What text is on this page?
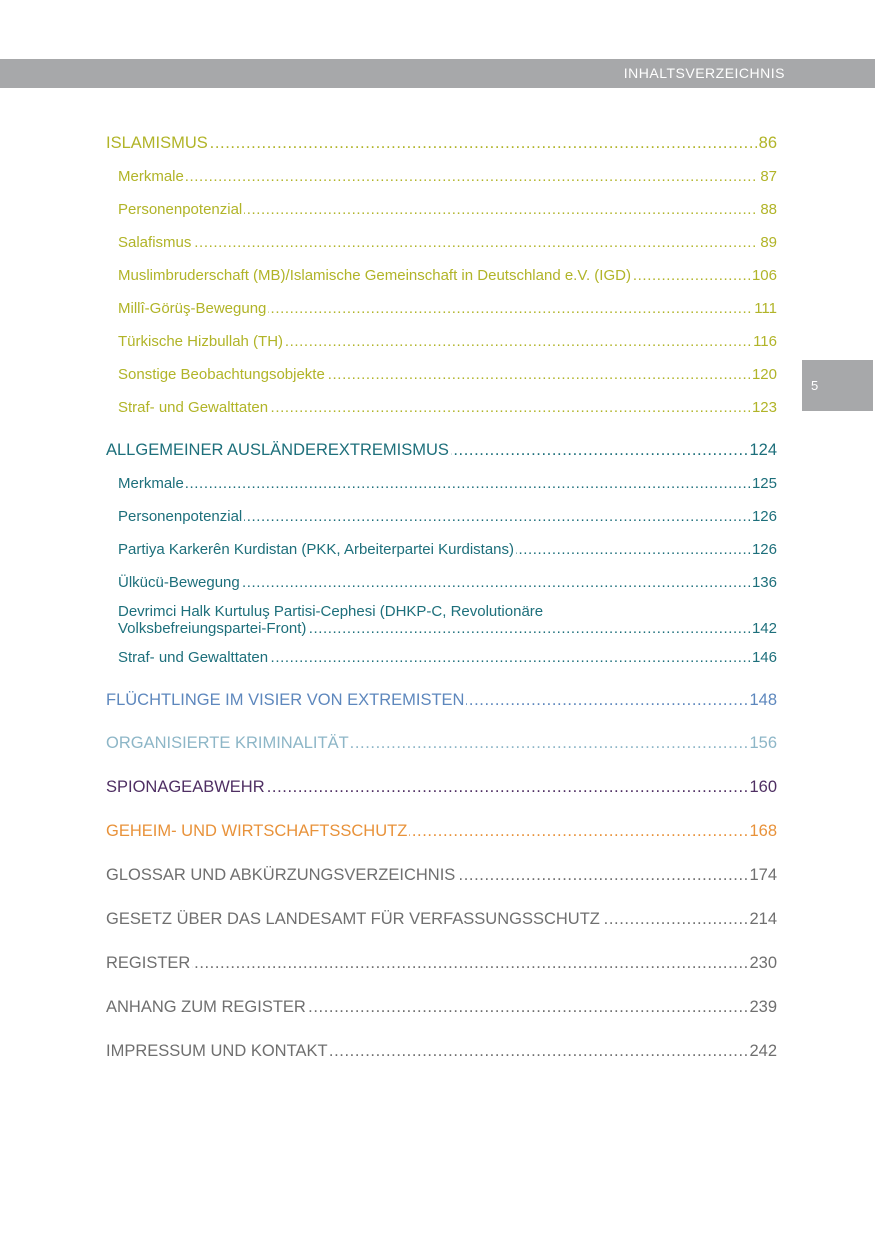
INHALTSVERZEICHNIS
5
ISLAMISMUS	86
.....
Merkmale	87
.....
Personenpotenzial	88
.....
Salafismus	89
.....
Muslimbruderschaft (MB)/Islamische Gemeinschaft in Deutschland e.V. (IGD)	106
.....
Millî-Görüş-Bewegung	111
.....
Türkische Hizbullah (TH)	116
.....
Sonstige Beobachtungsobjekte	120
.....
Straf- und Gewalttaten	123
.....
ALLGEMEINER AUSLÄNDEREXTREMISMUS	124
.....
Merkmale	125
.....
Personenpotenzial	126
.....
Partiya Karkerên Kurdistan (PKK, Arbeiterpartei Kurdistans)	126
.....
Ülkücü-Bewegung	136
.....
Devrimci Halk Kurtuluş Partisi-Cephesi (DHKP-C, Revolutionäre
Volksbefreiungspartei-Front)	142
.....
Straf- und Gewalttaten	146
.....
FLÜCHTLINGE IM VISIER VON EXTREMISTEN	148
.....
ORGANISIERTE KRIMINALITÄT	156
.....
SPIONAGEABWEHR	160
.....
GEHEIM- UND WIRTSCHAFTSSCHUTZ	168
.....
GLOSSAR UND ABKÜRZUNGSVERZEICHNIS	174
.....
GESETZ ÜBER DAS LANDESAMT FÜR VERFASSUNGSSCHUTZ	214
.....
REGISTER	230
.....
ANHANG ZUM REGISTER	239
.....
IMPRESSUM UND KONTAKT	242
.....
